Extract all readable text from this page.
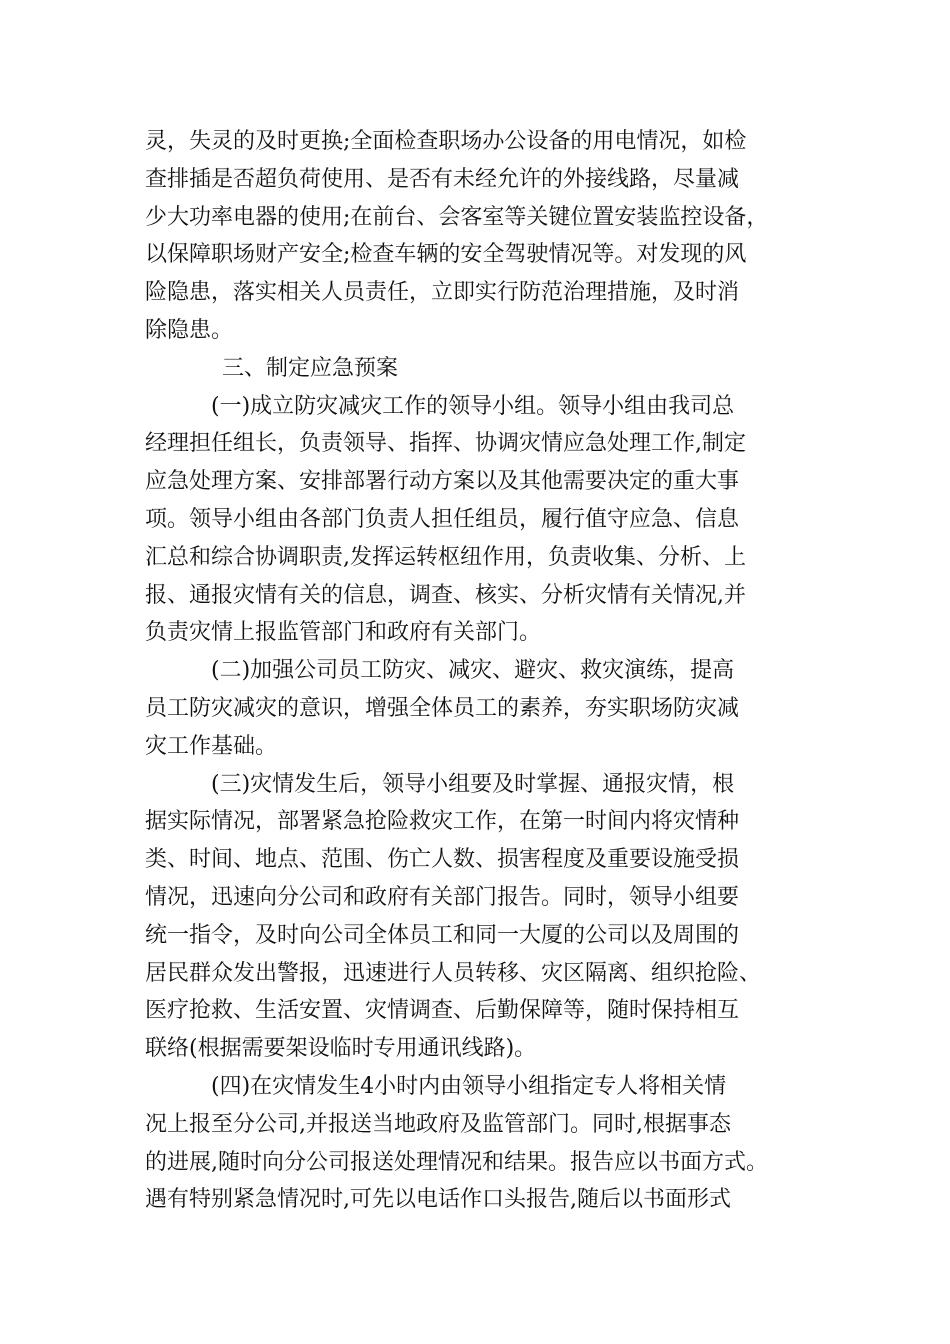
灵，失灵的及时更换;全面检查职场办公设备的用电情况，如检
查排插是否超负荷使用、是否有未经允许的外接线路，尽量减
少大功率电器的使用;在前台、会客室等关键位置安装监控设备，
以保障职场财产安全;检查车辆的安全驾驶情况等。对发现的风
险隐患，落实相关人员责任，立即实行防范治理措施，及时消
除隐患。
三、制定应急预案
(一)成立防灾减灾工作的领导小组。领导小组由我司总
经理担任组长，负责领导、指挥、协调灾情应急处理工作,制定
应急处理方案、安排部署行动方案以及其他需要决定的重大事
项。领导小组由各部门负责人担任组员，履行值守应急、信息
汇总和综合协调职责,发挥运转枢纽作用，负责收集、分析、上
报、通报灾情有关的信息，调查、核实、分析灾情有关情况,并
负责灾情上报监管部门和政府有关部门。
(二)加强公司员工防灾、减灾、避灾、救灾演练，提高
员工防灾减灾的意识，增强全体员工的素养，夯实职场防灾减
灾工作基础。
(三)灾情发生后，领导小组要及时掌握、通报灾情，根
据实际情况，部署紧急抢险救灾工作，在第一时间内将灾情种
类、时间、地点、范围、伤亡人数、损害程度及重要设施受损
情况，迅速向分公司和政府有关部门报告。同时，领导小组要
统一指令，及时向公司全体员工和同一大厦的公司以及周围的
居民群众发出警报，迅速进行人员转移、灾区隔离、组织抢险、
医疗抢救、生活安置、灾情调查、后勤保障等，随时保持相互
联络(根据需要架设临时专用通讯线路)。
(四)在灾情发生4小时内由领导小组指定专人将相关情
况上报至分公司,并报送当地政府及监管部门。同时,根据事态
的进展,随时向分公司报送处理情况和结果。报告应以书面方式。
遇有特别紧急情况时,可先以电话作口头报告,随后以书面形式
